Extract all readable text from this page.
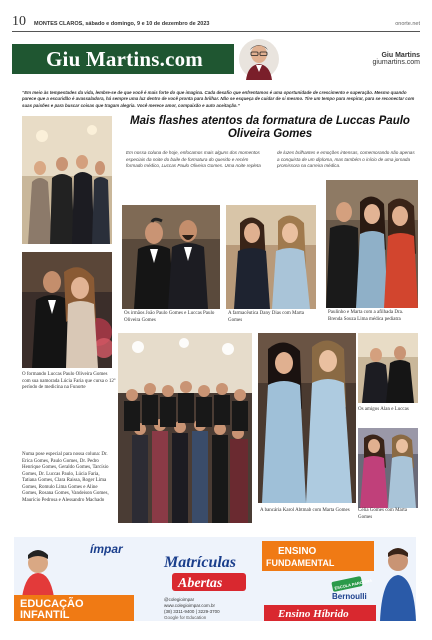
10 MONTES CLAROS, sábado e domingo, 9 e 10 de dezembro de 2023	onorte.net
Giu Martins.com	Giu Martins
giumartins.com

“Em meio às tempestades da vida, lembre-se de que você é mais forte do que imagina. Cada desafio que enfrentamos é uma oportunidade de crescimento e superação. Mesmo quando parece que a escuridão é avassaladora, há sempre uma luz dentro de você pronta para brilhar. Não se esqueça de cuidar de si mesmo. Tire um tempo para respirar, para se reconectar com suas paixões e para buscar coisas que tragam alegria. Você merece amor, compaixão e auto aceitação.”

Mais flashes atentos da formatura de Luccas Paulo Oliveira Gomes

Em nossa coluna de hoje, enfocamos mais alguns dos momentos especiais da noite do baile de formatura do querido e recém formado médico, Luccas Paulo Oliveira Gomes. Uma noite repleta de luzes brilhantes e emoções intensas, comemorando não apenas a conquista de um diploma, mas também o início de uma jornada promissora na carreira médica.

O formando Luccas Paulo Oliveira Gomes com sua namorada Lúcia Faria que cursa o 12º período de medicina na Funorte
Os irmãos João Paulo Gomes e Luccas Paulo Oliveira Gomes
A farmacêutica Dany Dias com Marta Gomes
Paulinho e Marta com a afilhada Dra. Brenda Souza Lima médica pediatra
Numa pose especial para nossa coluna: Dr. Erica Gomes, Paulo Gomes, Dr. Pedro Henrique Gomes, Geraldo Gomes, Tarcísio Gomes, Dr. Luccas Paulo, Lúcia Faria, Tatiana Gomes, Clara Raissa, Roger Lima Gomes, Romulo Lima Gomes e Aline Gomes, Rosana Gomes, Vandeison Gomes, Maurício Pedrosa e Alessandro Machado
A bancária Karol Abtmab com Marta Gomes
Os amigos Alan e Luccas
Célia Gomes com Marta Gomes
EDUCAÇÃO
INFANTIL
ímpar
Matrículas
Abertas
@colegioimpar
www.colegioimpar.com.br
(38) 3311-9400 | 3229-3700
Google for Education
ENSINO
FUNDAMENTAL
ESCOLA PARCEIRA
Bernoulli
Ensino Híbrido
